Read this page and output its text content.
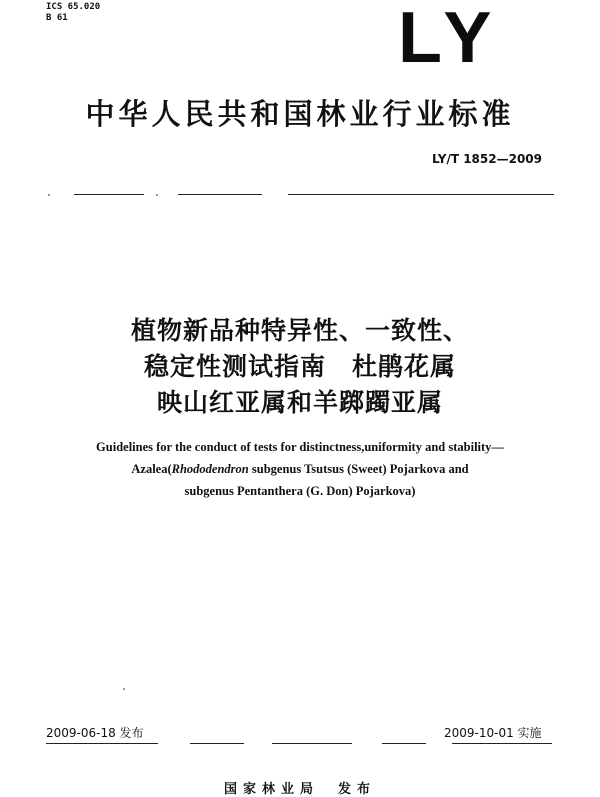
ICS 65.020
B 61	LY
中华人民共和国林业行业标准
LY/T 1852—2009
植物新品种特异性、一致性、
稳定性测试指南　杜鹃花属
映山红亚属和羊踯躅亚属
Guidelines for the conduct of tests for distinctness,uniformity and stability—
Azalea(Rhododendron subgenus Tsutsus (Sweet) Pojarkova and
subgenus Pentanthera (G. Don) Pojarkova)
2009-06-18 发布	2009-10-01 实施
国家林业局　发布
